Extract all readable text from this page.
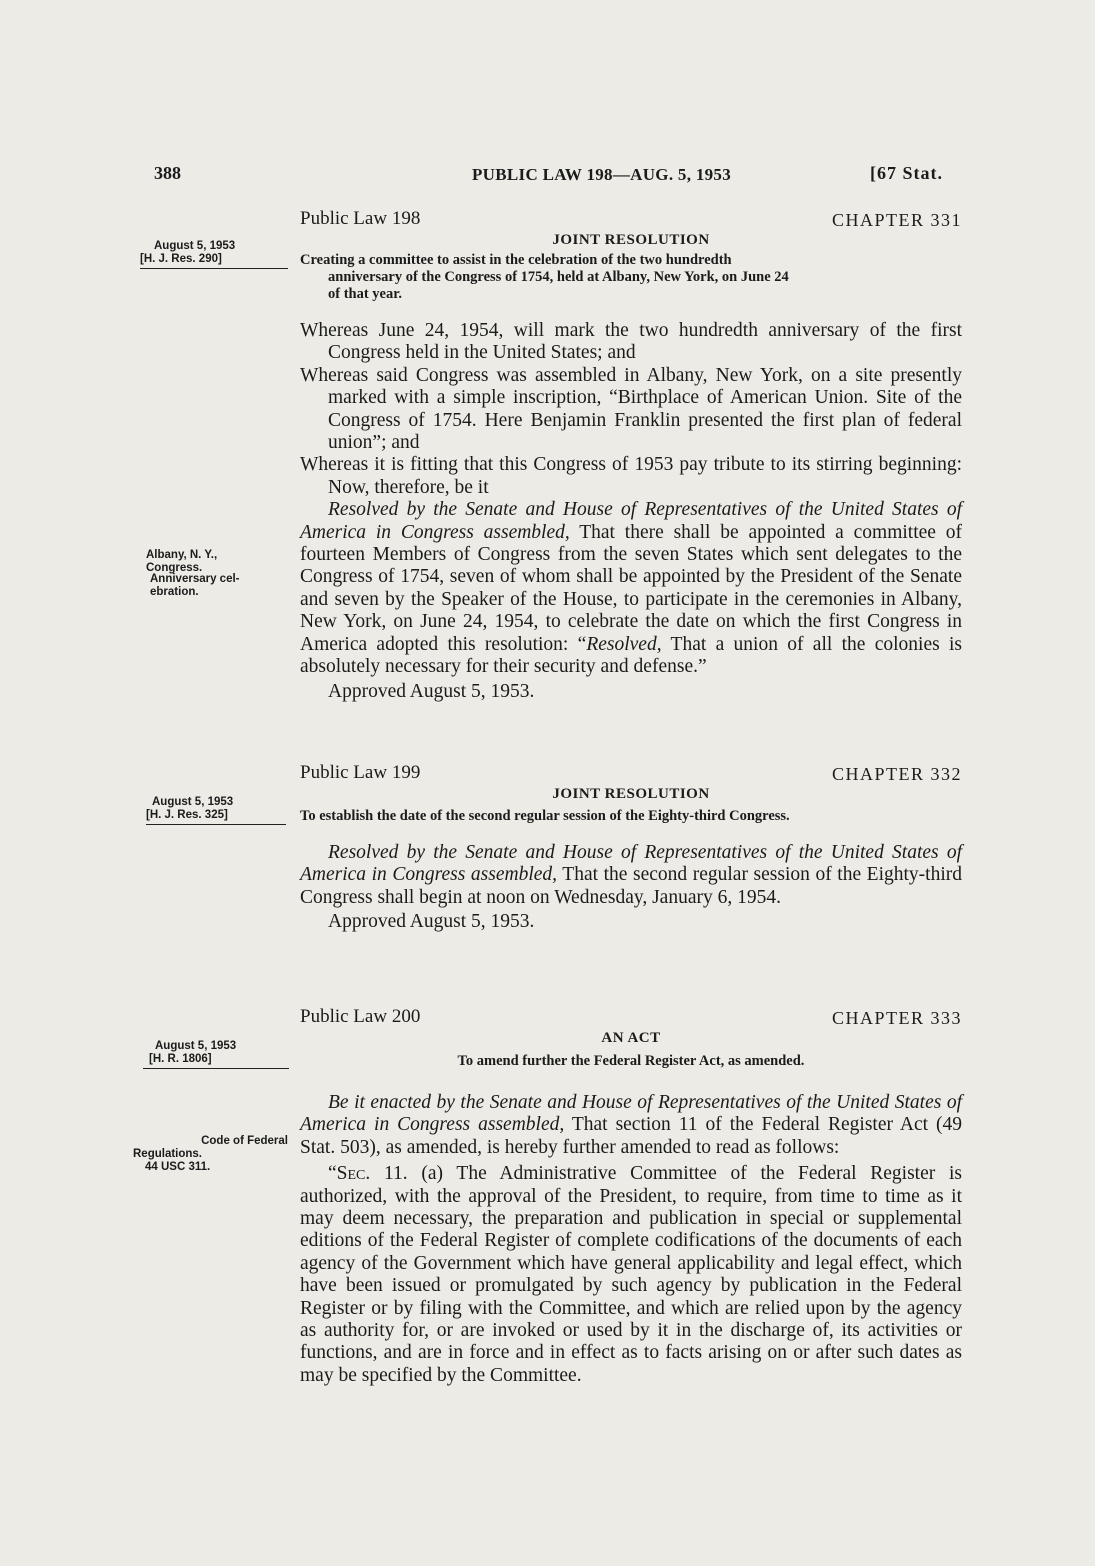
388	PUBLIC LAW 198—AUG. 5, 1953	[67 Stat.
August 5, 1953
[H. J. Res. 290]
Public Law 198	CHAPTER 331
JOINT RESOLUTION
Creating a committee to assist in the celebration of the two hundredth
anniversary of the Congress of 1754, held at Albany, New York, on June 24
of that year.

Whereas June 24, 1954, will mark the two hundredth anniversary of the first Congress held in the United States; and

Whereas said Congress was assembled in Albany, New York, on a site presently marked with a simple inscription, “Birthplace of American Union. Site of the Congress of 1754. Here Benjamin Franklin presented the first plan of federal union”; and

Whereas it is fitting that this Congress of 1953 pay tribute to its stirring beginning: Now, therefore, be it

Resolved by the Senate and House of Representatives of the United States of America in Congress assembled, That there shall be appointed a committee of fourteen Members of Congress from the seven States which sent delegates to the Congress of 1754, seven of whom shall be appointed by the President of the Senate and seven by the Speaker of the House, to participate in the ceremonies in Albany, New York, on June 24, 1954, to celebrate the date on which the first Congress in America adopted this resolution: “Resolved, That a union of all the colonies is absolutely necessary for their security and defense.”

Approved August 5, 1953.

Albany, N. Y.,
Congress.
Anniversary cel-
ebration.
August 5, 1953
[H. J. Res. 325]
Public Law 199	CHAPTER 332
JOINT RESOLUTION
To establish the date of the second regular session of the Eighty-third Congress.

Resolved by the Senate and House of Representatives of the United States of America in Congress assembled, That the second regular session of the Eighty-third Congress shall begin at noon on Wednesday, January 6, 1954.

Approved August 5, 1953.

August 5, 1953
[H. R. 1806]
Public Law 200	CHAPTER 333
AN ACT
To amend further the Federal Register Act, as amended.

Be it enacted by the Senate and House of Representatives of the United States of America in Congress assembled, That section 11 of the Federal Register Act (49 Stat. 503), as amended, is hereby further amended to read as follows:

“Sec. 11. (a) The Administrative Committee of the Federal Register is authorized, with the approval of the President, to require, from time to time as it may deem necessary, the preparation and publication in special or supplemental editions of the Federal Register of complete codifications of the documents of each agency of the Government which have general applicability and legal effect, which have been issued or promulgated by such agency by publication in the Federal Register or by filing with the Committee, and which are relied upon by the agency as authority for, or are invoked or used by it in the discharge of, its activities or functions, and are in force and in effect as to facts arising on or after such dates as may be specified by the Committee.

Code of Federal
Regulations.
44 USC 311.
